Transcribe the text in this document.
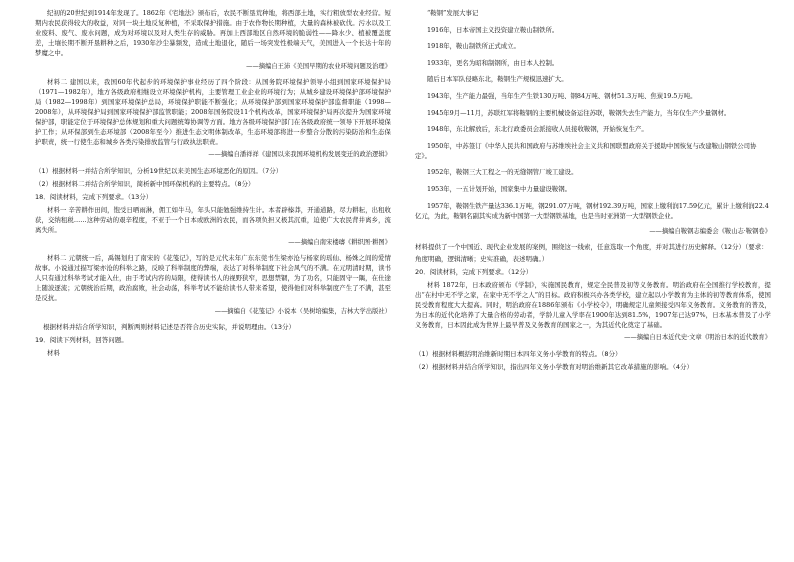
纪初的20世纪到1914年发现了。1862年《宅地法》颁布后，农民不断垦荒种地，将西部土地，实行粗放型农业经营。短期内农民获得较大的收益，对同一块土地反复种植，不采取保护措施。由于农作物长期种植，大量的森林被砍伐。污水以及工业废料、废气、废水问题，成为对环境以及对人类生存的威胁。再加上西部地区自然环境的脆弱性——降水少、植被覆盖度差，土壤长期不断开垦耕种之后，1930年沙尘暴频发，造成土地退化，随后一场突发性极端天气，美国进入一个长达十年的梦魔之中。

——摘编自王沛《美国早期的农业环境问题及治理》

材料二 建国以来，我国60年代起步的环境保护事业经历了四个阶段：从国务院环境保护领导小组到国家环境保护局（1971—1982年），地方各级政府相继设立环境保护机构，主要管理工业企业的环境行为；从城乡建设环境保护部环境保护局（1982—1998年）到国家环境保护总局，环境保护职能不断强化；从环境保护部到国家环境保护部监督职能（1998—2008年），从环境保护局到国家环境保护部监管职能；2008年国务院设11个机构改革，国家环境保护局再次提升为国家环境保护部，职能定位于环境保护总体规划和重大问题统筹协调等方面。地方各级环境保护部门在各级政府统一领导下开展环境保护工作；从环保部到生态环境部（2008年至今）推进生态文明体制改革，生态环境部将进一步整合分散的污染防治和生态保护职责，统一行使生态和城乡各类污染排放监管与行政执法职责。

——摘编自潘祥祥《建国以来我国环境机构发展变迁的政治逻辑》

（1）根据材料一并结合所学知识，分析19世纪以来美国生态环境恶化的原因。（7分）

（2）根据材料二并结合所学知识，简析新中国环保机构的主要特点。（8分）

18．阅读材料，完成下列要求。（13分）

材料一 辛苦耕作田间，饱受日晒雨淋，佣工如牛马，年头只能勉强维持生计。本者辟榛莽，开通道路，尽力耕耘，出租收获，交纳租税……这种劳动的艰辛程度，不亚于一个日本或欧洲的农民，而各项负担又极其沉重，迫使广大农民背井离乡，流离失所。

——摘编自南宋楼璹《耕织图·耕图》

材料二 元朝统一后，禹锡划归了南宋的《花笺记》，写的是元代末年广东东莞书生梁亦沧与杨家的瑶仙、杨姝之间的爱情故事。小说通过描写梁亦沧的科举之路，反映了科举制度的弊端，表达了对科举制度下社会风气的不满。在元明清时期，读书人只有通过科举考试才能入仕，由于考试内容的局限，使得读书人的视野狭窄，思想禁锢，为了功名，只能固守一隅，在仕途上随波逐流；元朝统治后期，政治腐败，社会动荡，科举考试不能给读书人带来希望，使得他们对科举制度产生了不满，甚至是反抗。

——摘编自《花笺记》小说本（吴树培编集，吉林大学出版社）

根据材料并结合所学知识，判断两则材料记述是否符合历史实际，并说明理由。（13分）

19．阅读下列材料，回答问题。

材料

“鞍钢”发展大事记

1916年，日本帝国主义投资建立鞍山制铁所。

1918年，鞍山制铁所正式成立。

1933年，更名为昭和制钢所，由日本人控制。

随后日本军队侵略东北，鞍钢生产规模迅速扩大。

1943年，生产能力最强，当年生产生铁130万吨、钢84万吨、钢材51.3万吨、焦炭19.5万吨。

1945年9月—11月，苏联红军将鞍钢的主要机械设备运往苏联，鞍钢失去生产能力，当年仅生产少量钢材。

1948年，东北解放后，东北行政委员会派接收人员接收鞍钢，开始恢复生产。

1950年，中苏签订《中华人民共和国政府与苏维埃社会主义共和国联盟政府关于援助中国恢复与改建鞍山钢铁公司协定》。

1952年，鞍钢三大工程之一的无缝钢管厂竣工建设。

1953年，一五计划开始，国家集中力量建设鞍钢。

1957年，鞍钢生铁产量达336.1万吨，钢291.07万吨，钢材192.39万吨，国家上缴利润17.59亿元，累计上缴利润22.4亿元，为此，鞍钢名副其实成为新中国第一大型钢铁基地，也是当时亚洲第一大型钢铁企业。

——摘编自鞍钢志编委会《鞍山志·鞍钢卷》

材料提供了一个中国近、现代企业发展的案例，围绕这一线索，任意选取一个角度，并对其进行历史解释。（12分）（要求：角度明确，逻辑清晰；史实准确，表述明确。）

20．阅读材料，完成下列要求。（12分）

材料 1872年，日本政府颁布《学制》，实施国民教育，规定全民普及初等义务教育。明治政府在全国推行学校教育，提出“在村中无不学之家，在家中无不学之人”的目标。政府积极兴办各类学校，建立起以小学教育为主体的初等教育体系，使国民受教育程度大大提高。同时，明治政府在1886年颁布《小学校令》，明确规定儿童须接受四年义务教育。义务教育的普及，为日本的近代化培养了大量合格的劳动者，学龄儿童入学率在1900年达到81.5%，1907年已达97%，日本基本普及了小学义务教育，日本因此成为世界上最早普及义务教育的国家之一，为其近代化奠定了基础。

——摘编自日本近代史·文章《明治日本的近代教育》

（1）根据材料概括明治维新时期日本四年义务小学教育的特点。（8分）

（2）根据材料并结合所学知识，指出四年义务小学教育对明治维新其它改革措施的影响。（4分）
